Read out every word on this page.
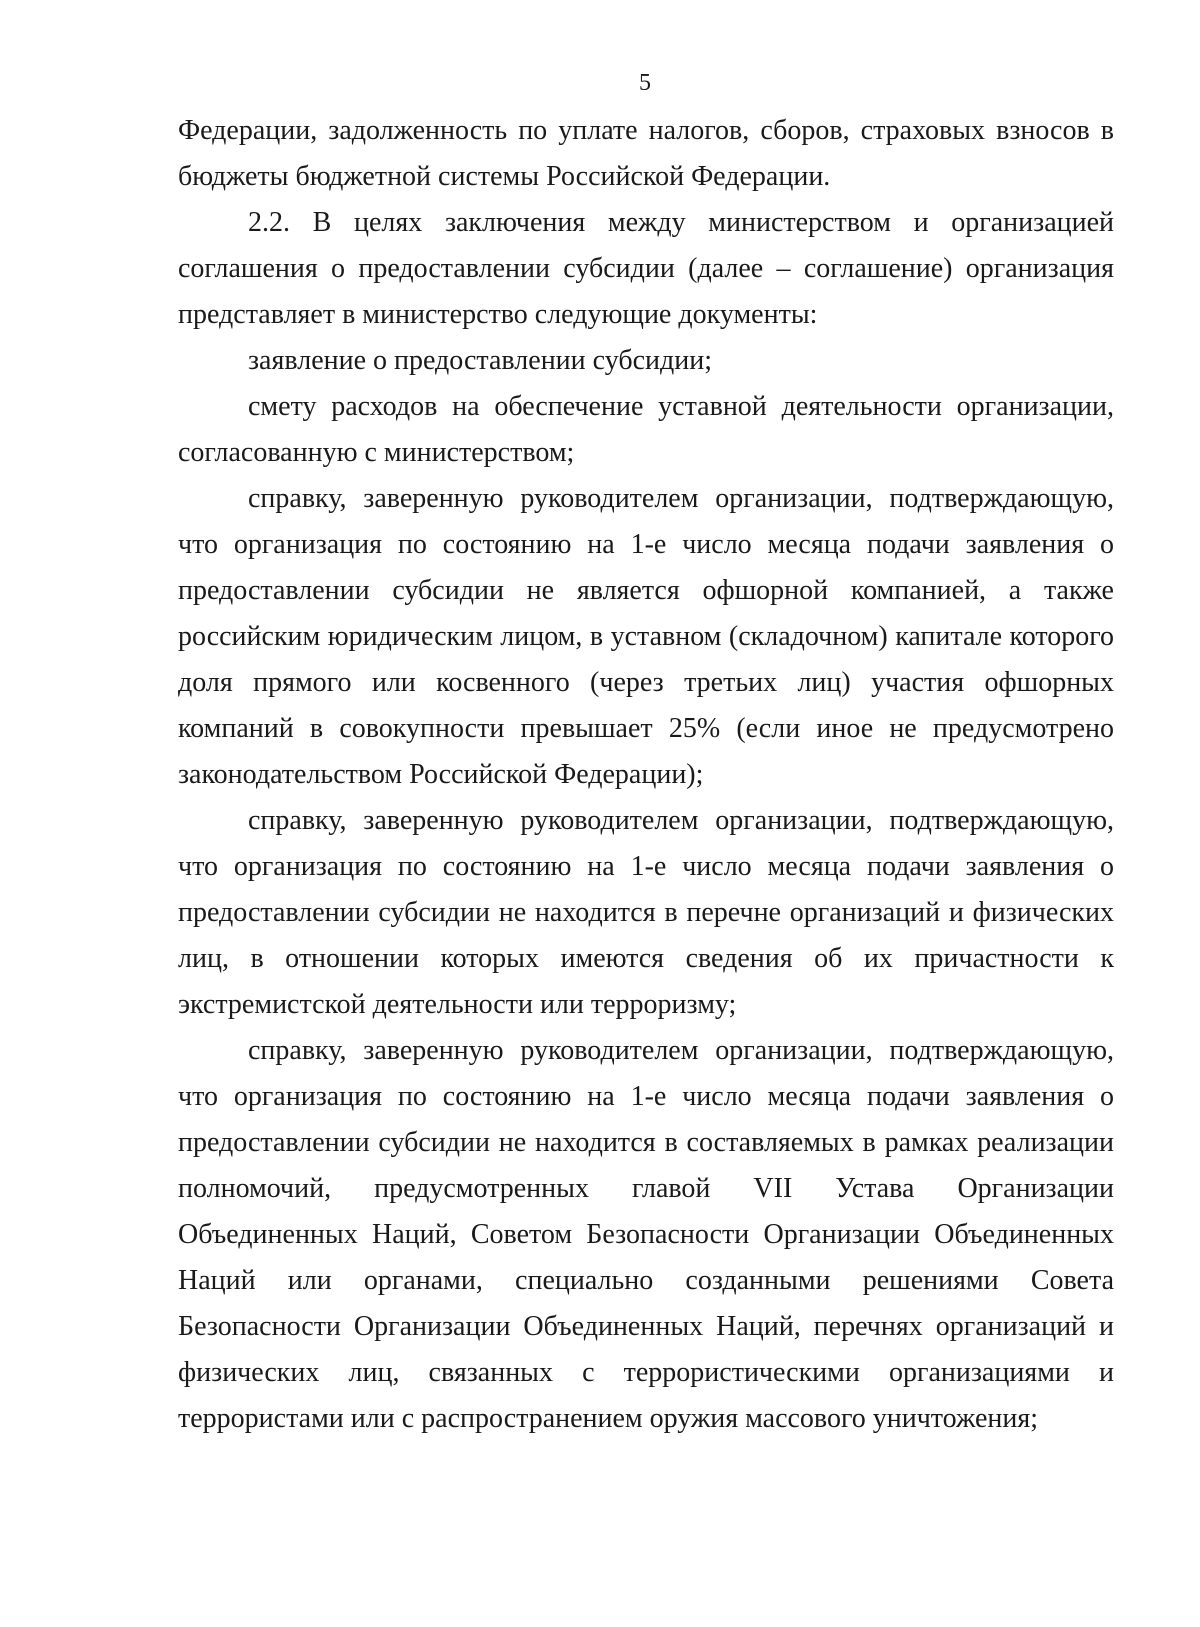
5

Федерации, задолженность по уплате налогов, сборов, страховых взносов в бюджеты бюджетной системы Российской Федерации.

2.2. В целях заключения между министерством и организацией соглашения о предоставлении субсидии (далее – соглашение) организация представляет в министерство следующие документы:

заявление о предоставлении субсидии;

смету расходов на обеспечение уставной деятельности организации, согласованную с министерством;

справку, заверенную руководителем организации, подтверждающую, что организация по состоянию на 1-е число месяца подачи заявления о предоставлении субсидии не является офшорной компанией, а также российским юридическим лицом, в уставном (складочном) капитале которого доля прямого или косвенного (через третьих лиц) участия офшорных компаний в совокупности превышает 25% (если иное не предусмотрено законодательством Российской Федерации);

справку, заверенную руководителем организации, подтверждающую, что организация по состоянию на 1-е число месяца подачи заявления о предоставлении субсидии не находится в перечне организаций и физических лиц, в отношении которых имеются сведения об их причастности к экстремистской деятельности или терроризму;

справку, заверенную руководителем организации, подтверждающую, что организация по состоянию на 1-е число месяца подачи заявления о предоставлении субсидии не находится в составляемых в рамках реализации полномочий, предусмотренных главой VII Устава Организации Объединенных Наций, Советом Безопасности Организации Объединенных Наций или органами, специально созданными решениями Совета Безопасности Организации Объединенных Наций, перечнях организаций и физических лиц, связанных с террористическими организациями и террористами или с распространением оружия массового уничтожения;
